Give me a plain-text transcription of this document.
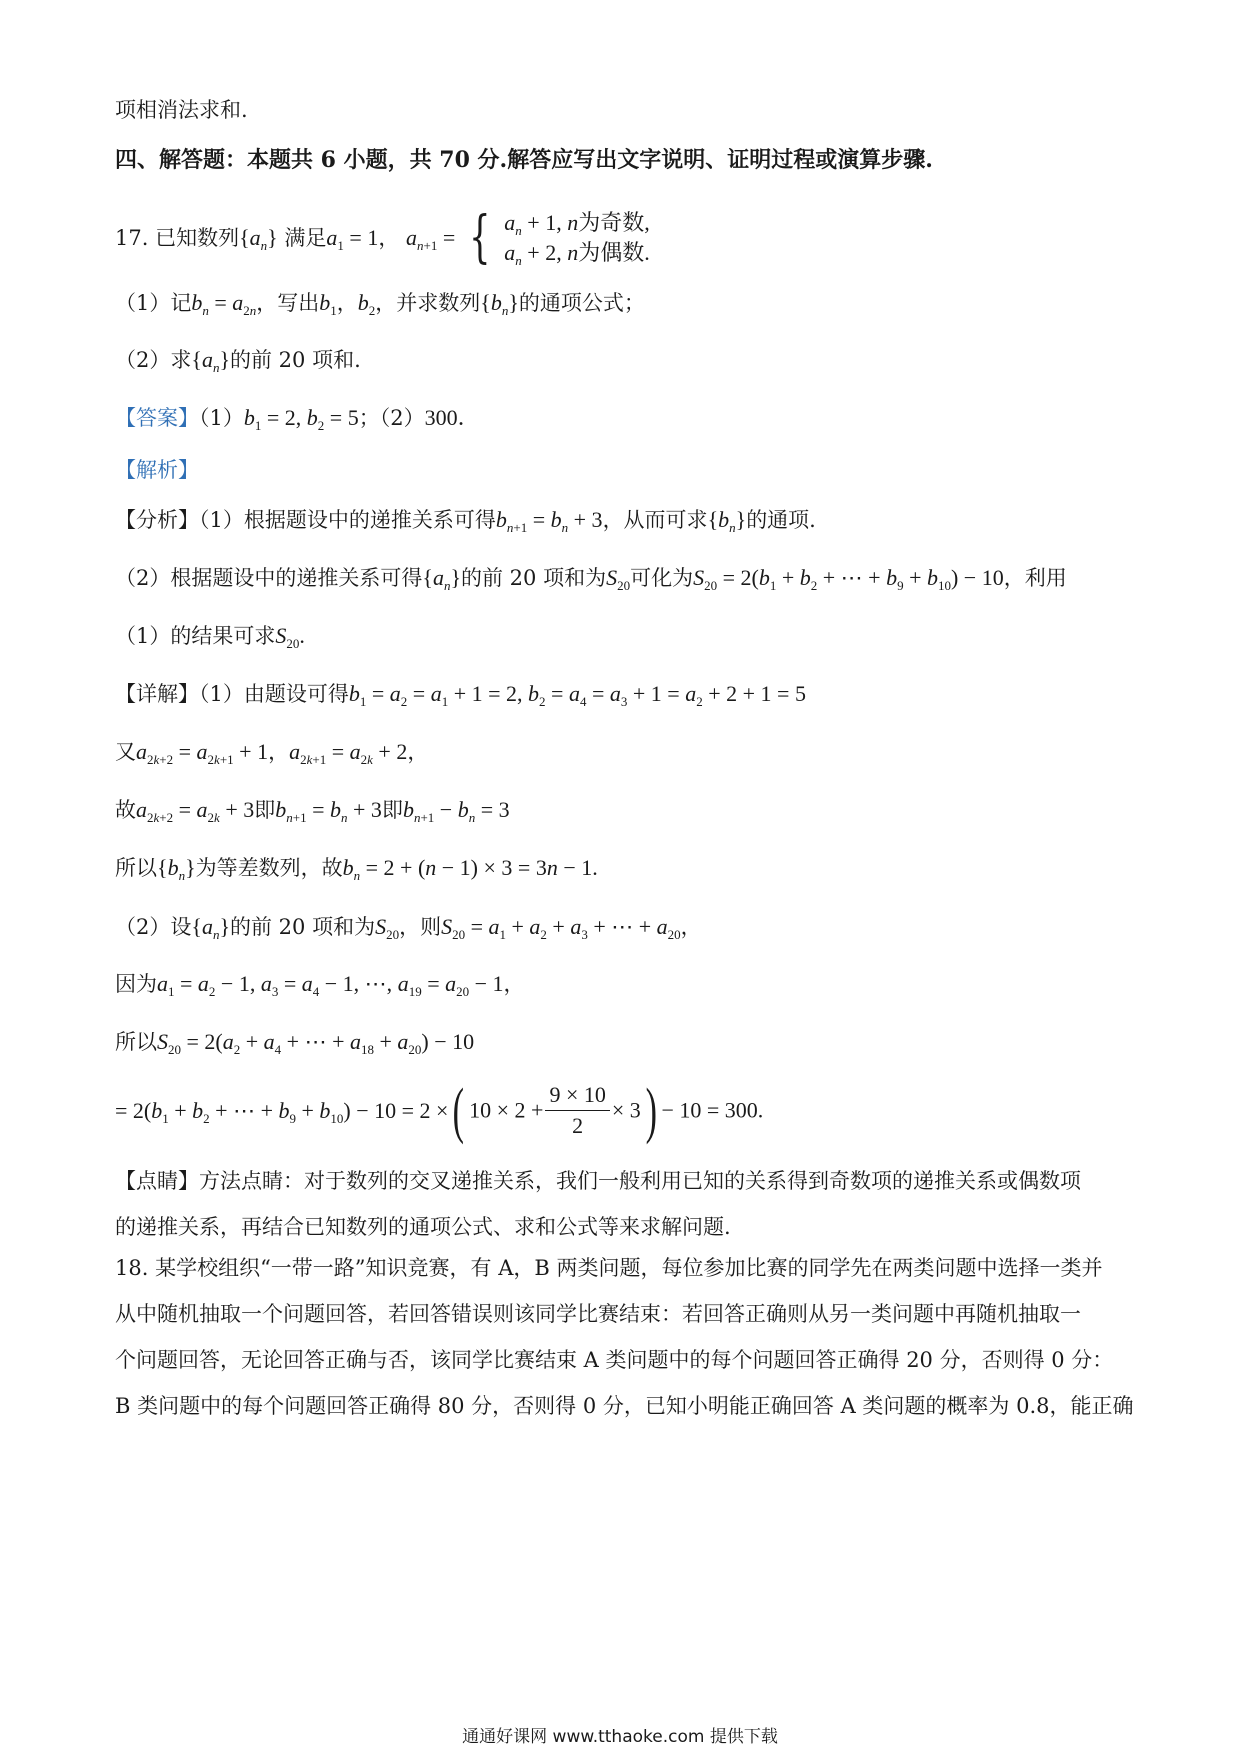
项相消法求和.
四、解答题：本题共 6 小题，共 70 分.解答应写出文字说明、证明过程或演算步骤.
17. 已知数列$\{a_n\}$ 满足$a_1 = 1$， $a_{n+1}$ = { $a_n + 1$, n为奇数,
$a_n + 2$, n为偶数.
（1）记$b_n = a_{2n}$，写出$b_1$，$b_2$，并求数列$\{b_n\}$的通项公式；
（2）求$\{a_n\}$的前 20 项和.
【答案】$(1)b_1 = 2$, $b_2 = 5$；（2）300．
【解析】
【分析】（1）根据题设中的递推关系可得$b_{n+1} = b_n + 3$，从而可求$\{b_n\}$的通项.
（2）根据题设中的递推关系可得$\{a_n\}$的前 20 项和为$S_{20}$可化为$S_{20} = 2(b_1 + b_2$ + ⋯ + $b_9 + b_{10}) - 10$，利用
（1）的结果可求$S_{20}$.
【详解】（1）由题设可得$b_1 = a_2 = a_1 + 1 = 2$, $b_2 = a_4 = a_3 + 1 = a_2 + 2 + 1 = 5$
又$a_{2k+2} = a_{2k+1} + 1$，$a_{2k+1} = a_{2k} + 2$，
故$a_{2k+2} = a_{2k} + 3$即$b_{n+1} = b_n + 3$即$b_{n+1} - b_n = 3$
所以$\{b_n\}$为等差数列，故$b_n = 2 + (n - 1) \times 3 = 3n - 1$.
（2）设$\{a_n\}$的前 20 项和为$S_{20}$，则$S_{20} = a_1 + a_2 + a_3$ + ⋯ + $a_{20}$，
因为$a_1 = a_2 - 1$, $a_3 = a_4 - 1$, ⋯, $a_{19} = a_{20} - 1$，
所以$S_{20} = 2(a_2 + a_4$ + ⋯ + $a_{18} + a_{20}) - 10$
= $2(b_1 + b_2$ + ⋯ + $b_9 + b_{10}) - 10 = 2$ ×( $10 \times 2 + \frac{9 \times 10}{2} \times 3) - 10 = 300$.
【点睛】方法点睛：对于数列的交叉递推关系，我们一般利用已知的关系得到奇数项的递推关系或偶数项
的递推关系，再结合已知数列的通项公式、求和公式等来求解问题.
18. 某学校组织“一带一路”知识竞赛，有 A，B 两类问题，每位参加比赛的同学先在两类问题中选择一类并
从中随机抽取一个问题回答，若回答错误则该同学比赛结束：若回答正确则从另一类问题中再随机抽取一
个问题回答，无论回答正确与否，该同学比赛结束 A 类问题中的每个问题回答正确得 20 分，否则得 0 分：
B 类问题中的每个问题回答正确得 80 分，否则得 0 分，已知小明能正确回答 A 类问题的概率为 0.8，能正确
通通好课网 www.tthaoke.com 提供下载
